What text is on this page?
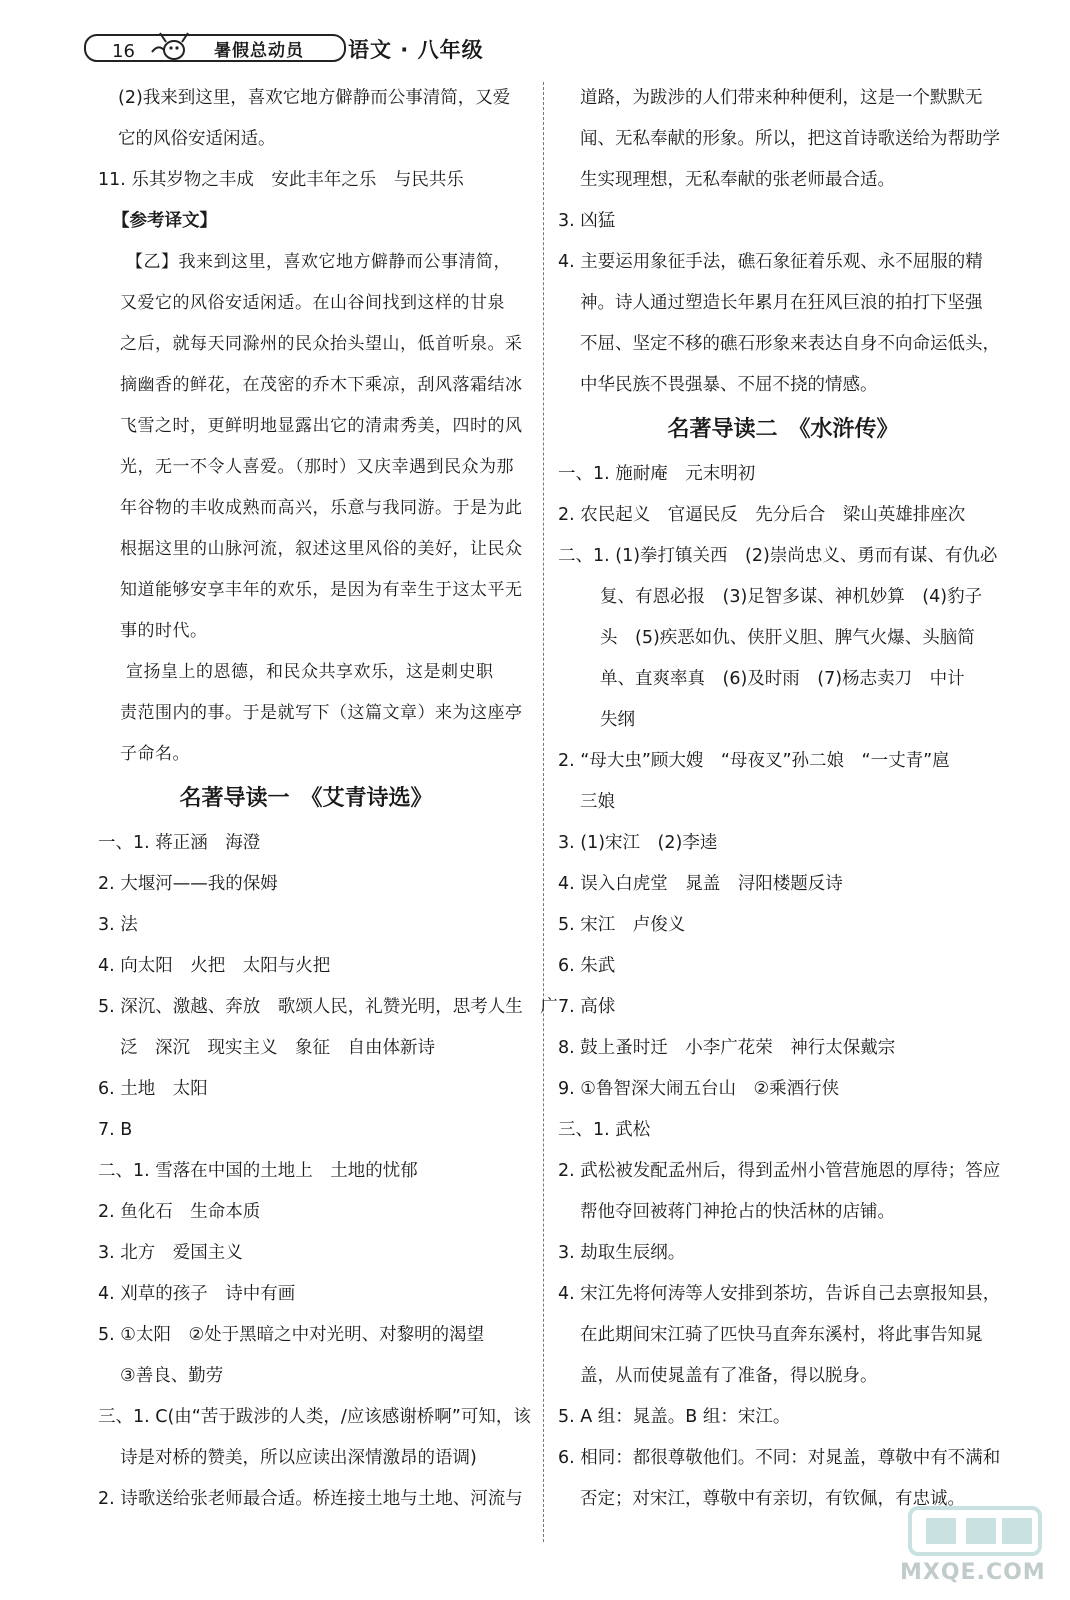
16	暑假总动员 语文 · 八年级
(2)我来到这里，喜欢它地方僻静而公事清简，又爱
它的风俗安适闲适。
11. 乐其岁物之丰成　安此丰年之乐　与民共乐
【参考译文】
【乙】我来到这里，喜欢它地方僻静而公事清简，
又爱它的风俗安适闲适。在山谷间找到这样的甘泉
之后，就每天同滁州的民众抬头望山，低首听泉。采
摘幽香的鲜花，在茂密的乔木下乘凉，刮风落霜结冰
飞雪之时，更鲜明地显露出它的清肃秀美，四时的风
光，无一不令人喜爱。（那时）又庆幸遇到民众为那
年谷物的丰收成熟而高兴，乐意与我同游。于是为此
根据这里的山脉河流，叙述这里风俗的美好，让民众
知道能够安享丰年的欢乐，是因为有幸生于这太平无
事的时代。
宣扬皇上的恩德，和民众共享欢乐，这是刺史职
责范围内的事。于是就写下（这篇文章）来为这座亭
子命名。
名著导读一　《艾青诗选》
一、1. 蒋正涵　海澄
2. 大堰河——我的保姆
3. 法
4. 向太阳　火把　太阳与火把
5. 深沉、激越、奔放　歌颂人民，礼赞光明，思考人生　广
泛　深沉　现实主义　象征　自由体新诗
6. 土地　太阳
7. B
二、1. 雪落在中国的土地上　土地的忧郁
2. 鱼化石　生命本质
3. 北方　爱国主义
4. 刈草的孩子　诗中有画
5. ①太阳　②处于黑暗之中对光明、对黎明的渴望
③善良、勤劳
三、1. C(由“苦于跋涉的人类，/应该感谢桥啊”可知，该
诗是对桥的赞美，所以应读出深情激昂的语调)
2. 诗歌送给张老师最合适。桥连接土地与土地、河流与
道路，为跋涉的人们带来种种便利，这是一个默默无
闻、无私奉献的形象。所以，把这首诗歌送给为帮助学
生实现理想，无私奉献的张老师最合适。
3. 凶猛
4. 主要运用象征手法，礁石象征着乐观、永不屈服的精
神。诗人通过塑造长年累月在狂风巨浪的拍打下坚强
不屈、坚定不移的礁石形象来表达自身不向命运低头，
中华民族不畏强暴、不屈不挠的情感。
名著导读二　《水浒传》
一、1. 施耐庵　元末明初
2. 农民起义　官逼民反　先分后合　梁山英雄排座次
二、1. (1)拳打镇关西　(2)崇尚忠义、勇而有谋、有仇必
复、有恩必报　(3)足智多谋、神机妙算　(4)豹子
头　(5)疾恶如仇、侠肝义胆、脾气火爆、头脑简
单、直爽率真　(6)及时雨　(7)杨志卖刀　中计
失纲
2. “母大虫”顾大嫂　“母夜叉”孙二娘　“一丈青”扈
三娘
3. (1)宋江　(2)李逵
4. 误入白虎堂　晁盖　浔阳楼题反诗
5. 宋江　卢俊义
6. 朱武
7. 高俅
8. 鼓上蚤时迁　小李广花荣　神行太保戴宗
9. ①鲁智深大闹五台山　②乘酒行侠
三、1. 武松
2. 武松被发配孟州后，得到孟州小管营施恩的厚待；答应
帮他夺回被蒋门神抢占的快活林的店铺。
3. 劫取生辰纲。
4. 宋江先将何涛等人安排到茶坊，告诉自己去禀报知县，
在此期间宋江骑了匹快马直奔东溪村，将此事告知晁
盖，从而使晁盖有了准备，得以脱身。
5. A 组：晁盖。B 组：宋江。
6. 相同：都很尊敬他们。不同：对晁盖，尊敬中有不满和
否定；对宋江，尊敬中有亲切，有钦佩，有忠诚。
MXQE.COM
